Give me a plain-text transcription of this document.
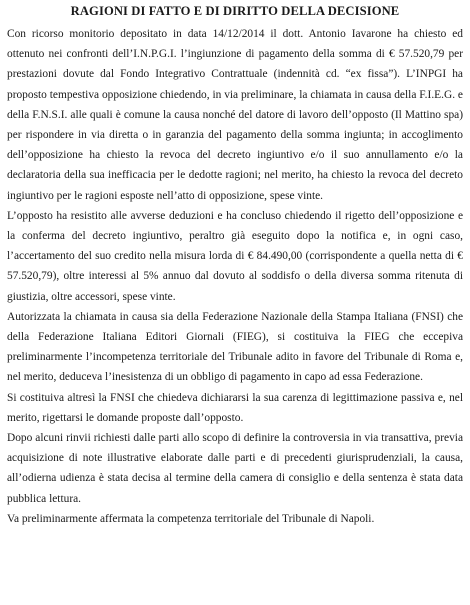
RAGIONI DI FATTO E DI DIRITTO DELLA DECISIONE

Con ricorso monitorio depositato in data 14/12/2014 il dott. Antonio Iavarone ha chiesto ed ottenuto nei confronti dell’I.N.P.G.I. l’ingiunzione di pagamento della somma di € 57.520,79 per prestazioni dovute dal Fondo Integrativo Contrattuale (indennità cd. “ex fissa”). L’INPGI ha proposto tempestiva opposizione chiedendo, in via preliminare, la chiamata in causa della F.I.E.G. e della F.N.S.I. alle quali è comune la causa nonché del datore di lavoro dell’opposto (Il Mattino spa) per rispondere in via diretta o in garanzia del pagamento della somma ingiunta; in accoglimento dell’opposizione ha chiesto la revoca del decreto ingiuntivo e/o il suo annullamento e/o la declaratoria della sua inefficacia per le dedotte ragioni; nel merito, ha chiesto la revoca del decreto ingiuntivo per le ragioni esposte nell’atto di opposizione, spese vinte.

L’opposto ha resistito alle avverse deduzioni e ha concluso chiedendo il rigetto dell’opposizione e la conferma del decreto ingiuntivo, peraltro già eseguito dopo la notifica e, in ogni caso, l’accertamento del suo credito nella misura lorda di € 84.490,00 (corrispondente a quella netta di € 57.520,79), oltre interessi al 5% annuo dal dovuto al soddisfo o della diversa somma ritenuta di giustizia, oltre accessori, spese vinte.

Autorizzata la chiamata in causa sia della Federazione Nazionale della Stampa Italiana (FNSI) che della Federazione Italiana Editori Giornali (FIEG), si costituiva la FIEG che eccepiva preliminarmente l’incompetenza territoriale del Tribunale adito in favore del Tribunale di Roma e, nel merito, deduceva l’inesistenza di un obbligo di pagamento in capo ad essa Federazione.

Si costituiva altresì la FNSI che chiedeva dichiararsi la sua carenza di legittimazione passiva e, nel merito, rigettarsi le domande proposte dall’opposto.

Dopo alcuni rinvii richiesti dalle parti allo scopo di definire la controversia in via transattiva, previa acquisizione di note illustrative elaborate dalle parti e di precedenti giurisprudenziali, la causa, all’odierna udienza è stata decisa al termine della camera di consiglio e della sentenza è stata data pubblica lettura.

Va preliminarmente affermata la competenza territoriale del Tribunale di Napoli.
